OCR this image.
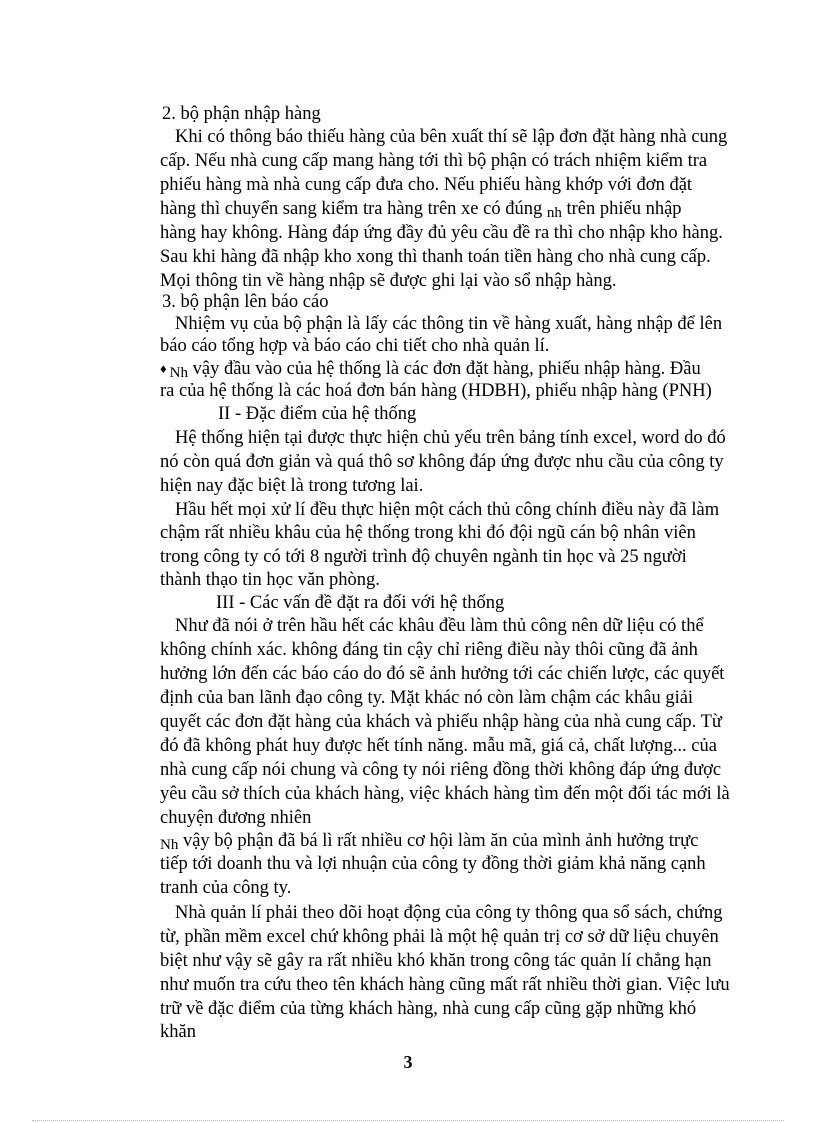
2. bộ phận nhập hàng
Khi có thông báo thiếu hàng của bên xuất thí sẽ lập đơn đặt hàng nhà cung
cấp. Nếu nhà cung cấp mang hàng tới thì bộ phận có trách nhiệm kiểm tra
phiếu hàng mà nhà cung cấp đưa cho. Nếu phiếu hàng khớp với đơn đặt
hàng thì chuyển sang kiểm tra hàng trên xe có đúng nh trên phiếu nhập
hàng hay không. Hàng đáp ứng đầy đủ yêu cầu đề ra thì cho nhập kho hàng.
Sau khi hàng đã nhập kho xong thì thanh toán tiền hàng cho nhà cung cấp.
Mọi thông tin về hàng nhập sẽ được ghi lại vào sổ nhập hàng.
3. bộ phận lên báo cáo
Nhiệm vụ của bộ phận là lấy các thông tin về hàng xuất, hàng nhập để lên
báo cáo tổng hợp và báo cáo chi tiết cho nhà quản lí.
♦ Nh vậy đầu vào của hệ thống là các đơn đặt hàng, phiếu nhập hàng. Đầu
ra của hệ thống là các hoá đơn bán hàng (HDBH), phiếu nhập hàng (PNH)
II - Đặc điểm của hệ thống
Hệ thống hiện tại được thực hiện chủ yếu trên bảng tính excel, word do đó
nó còn quá đơn giản và quá thô sơ không đáp ứng được nhu cầu của công ty
hiện nay đặc biệt là trong tương lai.
Hầu hết mọi xử lí đều thực hiện một cách thủ công chính điều này đã làm
chậm rất nhiều khâu của hệ thống trong khi đó đội ngũ cán bộ nhân viên
trong công ty có tới 8 người trình độ chuyên ngành tin học và 25 người
thành thạo tin học văn phòng.
III - Các vấn đề đặt ra đối với hệ thống
Như đã nói ở trên hầu hết các khâu đều làm thủ công nên dữ liệu có thể
không chính xác. không đáng tin cậy chỉ riêng điều này thôi cũng đã ảnh
hưởng lớn đến các báo cáo do đó sẽ ảnh hưởng tới các chiến lược, các quyết
định của ban lãnh đạo công ty. Mặt khác nó còn làm chậm các khâu giải
quyết các đơn đặt hàng của khách và phiếu nhập hàng của nhà cung cấp. Từ
đó đã không phát huy được hết tính năng. mẫu mã, giá cả, chất lượng... của
nhà cung cấp nói chung và công ty nói riêng đồng thời không đáp ứng được
yêu cầu sở thích của khách hàng, việc khách hàng tìm đến một đối tác mới là
chuyện đương nhiên
Nh vậy bộ phận đã bá lì rất nhiều cơ hội làm ăn của mình ảnh hưởng trực
tiếp tới doanh thu và lợi nhuận của công ty đồng thời giảm khả năng cạnh
tranh của công ty.
Nhà quản lí phải theo dõi hoạt động của công ty thông qua sổ sách, chứng
từ, phần mềm excel chứ không phải là một hệ quản trị cơ sở dữ liệu chuyên
biệt như vậy sẽ gây ra rất nhiều khó khăn trong công tác quản lí chẳng hạn
như muốn tra cứu theo tên khách hàng cũng mất rất nhiều thời gian. Việc lưu
trữ về đặc điểm của từng khách hàng, nhà cung cấp cũng gặp những khó
khăn
3
